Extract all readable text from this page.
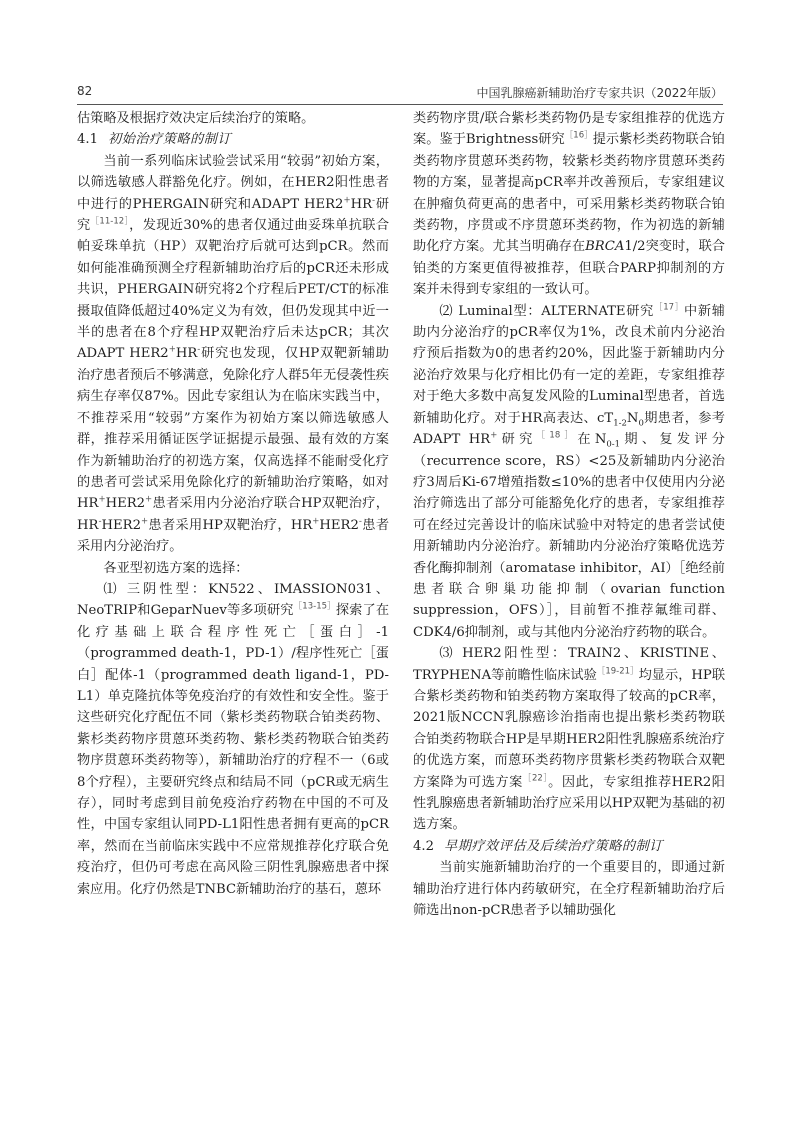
82	中国乳腺癌新辅助治疗专家共识（2022年版）

估策略及根据疗效决定后续治疗的策略。

4.1 初始治疗策略的制订

当前一系列临床试验尝试采用“较弱”初始方案，以筛选敏感人群豁免化疗。例如，在HER2阳性患者中进行的PHERGAIN研究和ADAPT HER2+HR-研究$^{[11-12]}$，发现近30%的患者仅通过曲妥珠单抗联合帕妥珠单抗（HP）双靶治疗后就可达到pCR。然而如何能准确预测全疗程新辅助治疗后的pCR还未形成共识，PHERGAIN研究将2个疗程后PET/CT的标准摄取值降低超过40%定义为有效，但仍发现其中近一半的患者在8个疗程HP双靶治疗后未达pCR；其次ADAPT HER2+HR-研究也发现，仅HP双靶新辅助治疗患者预后不够满意，免除化疗人群5年无侵袭性疾病生存率仅87%。因此专家组认为在临床实践当中，不推荐采用“较弱”方案作为初始方案以筛选敏感人群，推荐采用循证医学证据提示最强、最有效的方案作为新辅助治疗的初选方案，仅高选择不能耐受化疗的患者可尝试采用免除化疗的新辅助治疗策略，如对HR+HER2+患者采用内分泌治疗联合HP双靶治疗，HR-HER2+患者采用HP双靶治疗，HR+HER2-患者采用内分泌治疗。

各亚型初选方案的选择：

⑴ 三阴性型：KN522、IMASSION031、NeoTRIP和GeparNuev等多项研究$^{[13-15]}$探索了在化疗基础上联合程序性死亡［蛋白］-1（programmed death-1，PD-1）/程序性死亡［蛋白］配体-1（programmed death ligand-1，PD-L1）单克隆抗体等免疫治疗的有效性和安全性。鉴于这些研究化疗配伍不同（紫杉类药物联合铂类药物、紫杉类药物序贯蒽环类药物、紫杉类药物联合铂类药物序贯蒽环类药物等），新辅助治疗的疗程不一（6或8个疗程），主要研究终点和结局不同（pCR或无病生存），同时考虑到目前免疫治疗药物在中国的不可及性，中国专家组认同PD-L1阳性患者拥有更高的pCR率，然而在当前临床实践中不应常规推荐化疗联合免疫治疗，但仍可考虑在高风险三阴性乳腺癌患者中探索应用。化疗仍然是TNBC新辅助治疗的基石，蒽环

类药物序贯/联合紫杉类药物仍是专家组推荐的优选方案。鉴于Brightness研究$^{[16]}$提示紫杉类药物联合铂类药物序贯蒽环类药物，较紫杉类药物序贯蒽环类药物的方案，显著提高pCR率并改善预后，专家组建议在肿瘤负荷更高的患者中，可采用紫杉类药物联合铂类药物，序贯或不序贯蒽环类药物，作为初选的新辅助化疗方案。尤其当明确存在BRCA1/2突变时，联合铂类的方案更值得被推荐，但联合PARP抑制剂的方案并未得到专家组的一致认可。

⑵ Luminal型：ALTERNATE研究$^{[17]}$中新辅助内分泌治疗的pCR率仅为1%，改良术前内分泌治疗预后指数为0的患者约20%，因此鉴于新辅助内分泌治疗效果与化疗相比仍有一定的差距，专家组推荐对于绝大多数中高复发风险的Luminal型患者，首选新辅助化疗。对于HR高表达、$cT_{1-2}N_0$期患者，参考ADAPT HR+研究$^{[18]}$在$N_{0-1}$期、复发评分（recurrence score，RS）<25及新辅助内分泌治疗3周后Ki-67增殖指数≤10%的患者中仅使用内分泌治疗筛选出了部分可能豁免化疗的患者，专家组推荐可在经过完善设计的临床试验中对特定的患者尝试使用新辅助内分泌治疗。新辅助内分泌治疗策略优选芳香化酶抑制剂（aromatase inhibitor，AI）［绝经前患者联合卵巢功能抑制（ovarian function suppression，OFS）］，目前暂不推荐氟维司群、CDK4/6抑制剂，或与其他内分泌治疗药物的联合。

⑶ HER2阳性型：TRAIN2、KRISTINE、TRYPHENA等前瞻性临床试验$^{[19-21]}$均显示，HP联合紫杉类药物和铂类药物方案取得了较高的pCR率，2021版NCCN乳腺癌诊治指南也提出紫杉类药物联合铂类药物联合HP是早期HER2阳性乳腺癌系统治疗的优选方案，而蒽环类药物序贯紫杉类药物联合双靶方案降为可选方案$^{[22]}$。因此，专家组推荐HER2阳性乳腺癌患者新辅助治疗应采用以HP双靶为基础的初选方案。

4.2 早期疗效评估及后续治疗策略的制订

当前实施新辅助治疗的一个重要目的，即通过新辅助治疗进行体内药敏研究，在全疗程新辅助治疗后筛选出non-pCR患者予以辅助强化
